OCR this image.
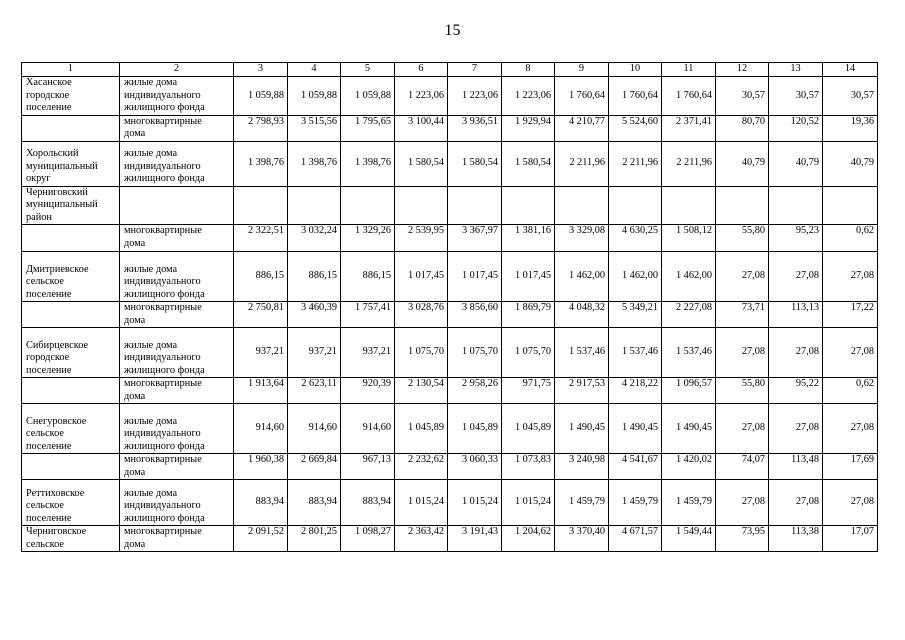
15
1	2	3	4	5	6	7	8	9	10	11	12	13	14
Хасанское
городское
поселение	жилые дома
индивидуального
жилищного фонда	1 059,88	1 059,88	1 059,88	1 223,06	1 223,06	1 223,06	1 760,64	1 760,64	1 760,64	30,57	30,57	30,57
	многоквартирные
дома	2 798,93	3 515,56	1 795,65	3 100,44	3 936,51	1 929,94	4 210,77	5 524,60	2 371,41	80,70	120,52	19,36
Хорольский
муниципальный
округ	жилые дома
индивидуального
жилищного фонда	1 398,76	1 398,76	1 398,76	1 580,54	1 580,54	1 580,54	2 211,96	2 211,96	2 211,96	40,79	40,79	40,79
Черниговский
муниципальный
район													
	многоквартирные
дома	2 322,51	3 032,24	1 329,26	2 539,95	3 367,97	1 381,16	3 329,08	4 630,25	1 508,12	55,80	95,23	0,62
Дмитриевское
сельское
поселение	жилые дома
индивидуального
жилищного фонда	886,15	886,15	886,15	1 017,45	1 017,45	1 017,45	1 462,00	1 462,00	1 462,00	27,08	27,08	27,08
	многоквартирные
дома	2 750,81	3 460,39	1 757,41	3 028,76	3 856,60	1 869,79	4 048,32	5 349,21	2 227,08	73,71	113,13	17,22
Сибирцевское
городское
поселение	жилые дома
индивидуального
жилищного фонда	937,21	937,21	937,21	1 075,70	1 075,70	1 075,70	1 537,46	1 537,46	1 537,46	27,08	27,08	27,08
	многоквартирные
дома	1 913,64	2 623,11	920,39	2 130,54	2 958,26	971,75	2 917,53	4 218,22	1 096,57	55,80	95,22	0,62
Снегуровское
сельское
поселение	жилые дома
индивидуального
жилищного фонда	914,60	914,60	914,60	1 045,89	1 045,89	1 045,89	1 490,45	1 490,45	1 490,45	27,08	27,08	27,08
	многоквартирные
дома	1 960,38	2 669,84	967,13	2 232,62	3 060,33	1 073,83	3 240,98	4 541,67	1 420,02	74,07	113,48	17,69
Реттиховское
сельское
поселение	жилые дома
индивидуального
жилищного фонда	883,94	883,94	883,94	1 015,24	1 015,24	1 015,24	1 459,79	1 459,79	1 459,79	27,08	27,08	27,08
Черниговское
сельское	многоквартирные
дома	2 091,52	2 801,25	1 098,27	2 363,42	3 191,43	1 204,62	3 370,40	4 671,57	1 549,44	73,95	113,38	17,07
